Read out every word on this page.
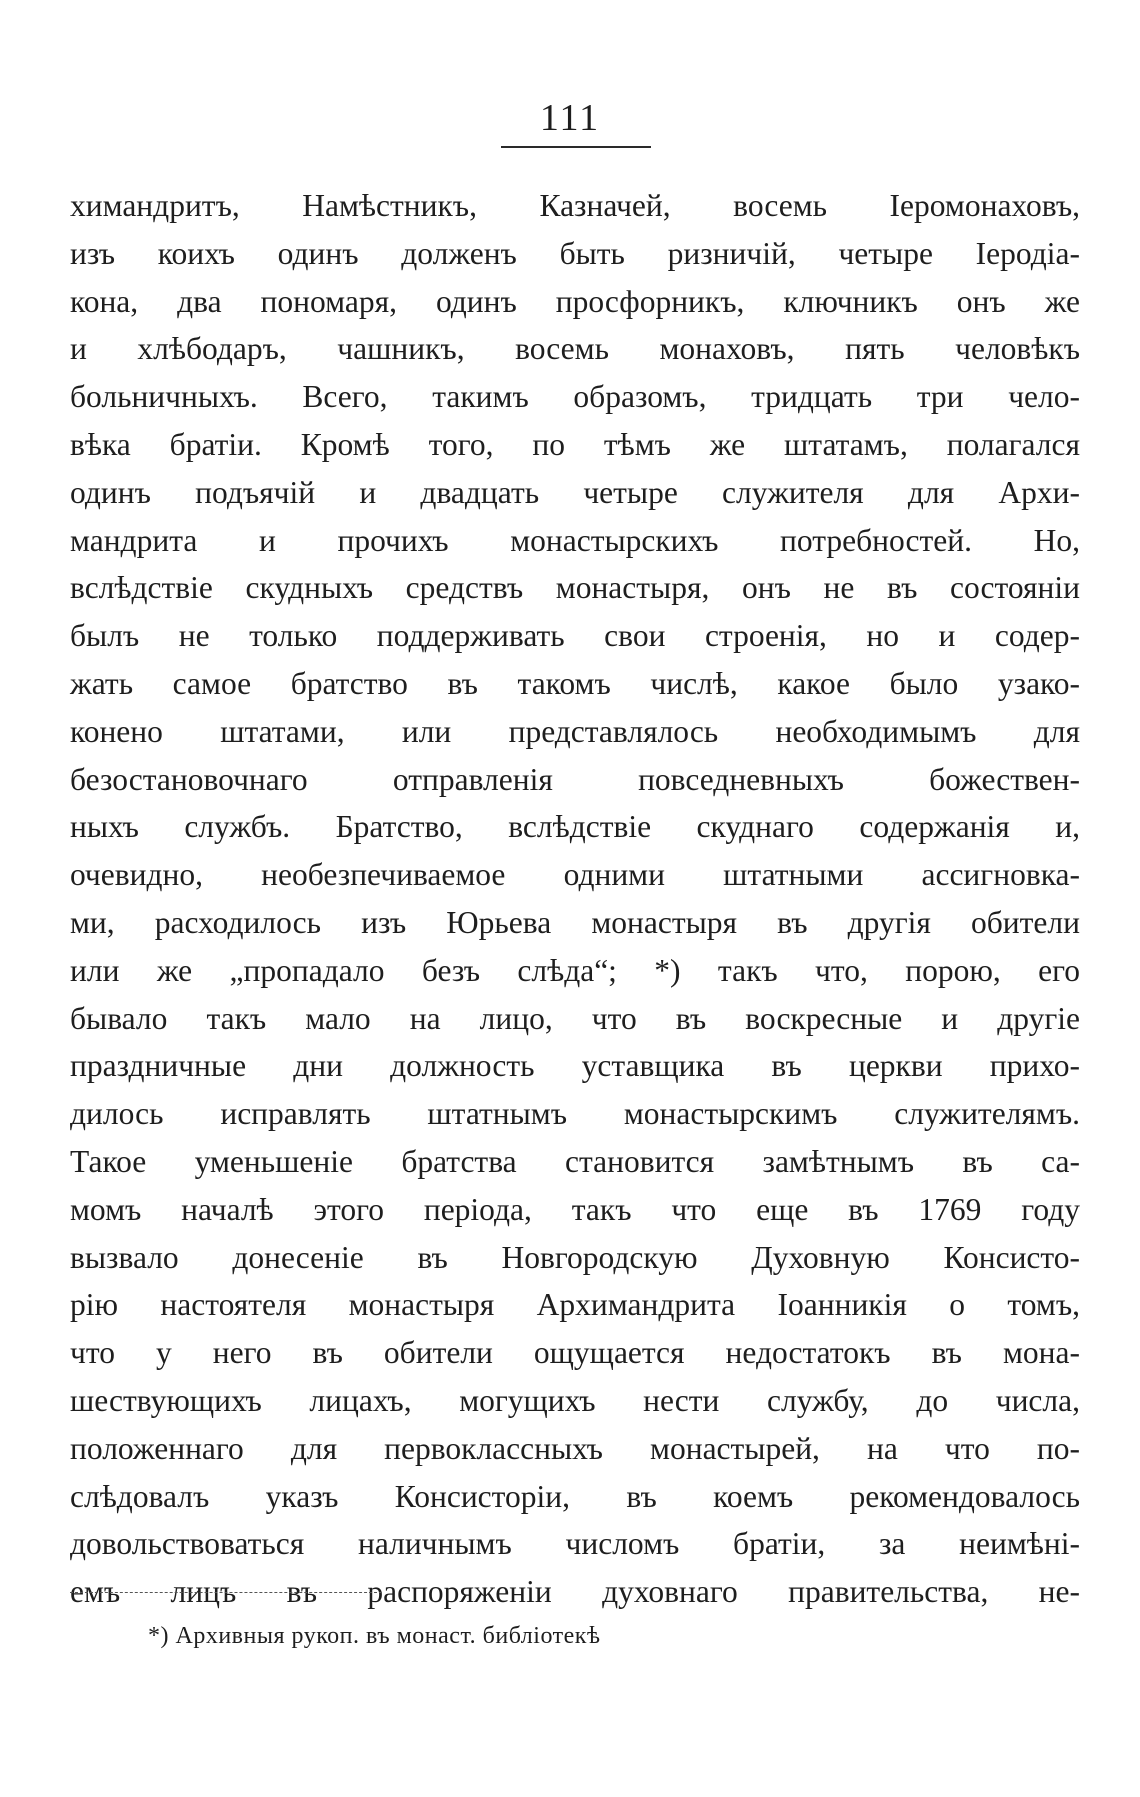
111
химандритъ, Намѣстникъ, Казначей, восемь Іеромонаховъ,
изъ коихъ одинъ долженъ быть ризничій, четыре Іеродіа-
кона, два пономаря, одинъ просфорникъ, ключникъ онъ же
и хлѣбодаръ, чашникъ, восемь монаховъ, пять человѣкъ
больничныхъ. Всего, такимъ образомъ, тридцать три чело-
вѣка братіи. Кромѣ того, по тѣмъ же штатамъ, полагался
одинъ подъячій и двадцать четыре служителя для Архи-
мандрита и прочихъ монастырскихъ потребностей. Но,
вслѣдствіе скудныхъ средствъ монастыря, онъ не въ состояніи
былъ не только поддерживать свои строенія, но и содер-
жать самое братство въ такомъ числѣ, какое было узако-
конено штатами, или представлялось необходимымъ для
безостановочнаго отправленія повседневныхъ божествен-
ныхъ службъ. Братство, вслѣдствіе скуднаго содержанія и,
очевидно, необезпечиваемое одними штатными ассигновка-
ми, расходилось изъ Юрьева монастыря въ другія обители
или же „пропадало безъ слѣда“; *) такъ что, порою, его
бывало такъ мало на лицо, что въ воскресные и другіе
праздничные дни должность уставщика въ церкви прихо-
дилось исправлять штатнымъ монастырскимъ служителямъ.
Такое уменьшеніе братства становится замѣтнымъ въ са-
момъ началѣ этого періода, такъ что еще въ 1769 году
вызвало донесеніе въ Новгородскую Духовную Консисто-
рію настоятеля монастыря Архимандрита Іоанникія о томъ,
что у него въ обители ощущается недостатокъ въ мона-
шествующихъ лицахъ, могущихъ нести службу, до числа,
положеннаго для первоклассныхъ монастырей, на что по-
слѣдовалъ указъ Консисторіи, въ коемъ рекомендовалось
довольствоваться наличнымъ числомъ братіи, за неимѣні-
емъ лицъ въ распоряженіи духовнаго правительства, не-
*) Архивныя рукоп. въ монаст. библіотекѣ
